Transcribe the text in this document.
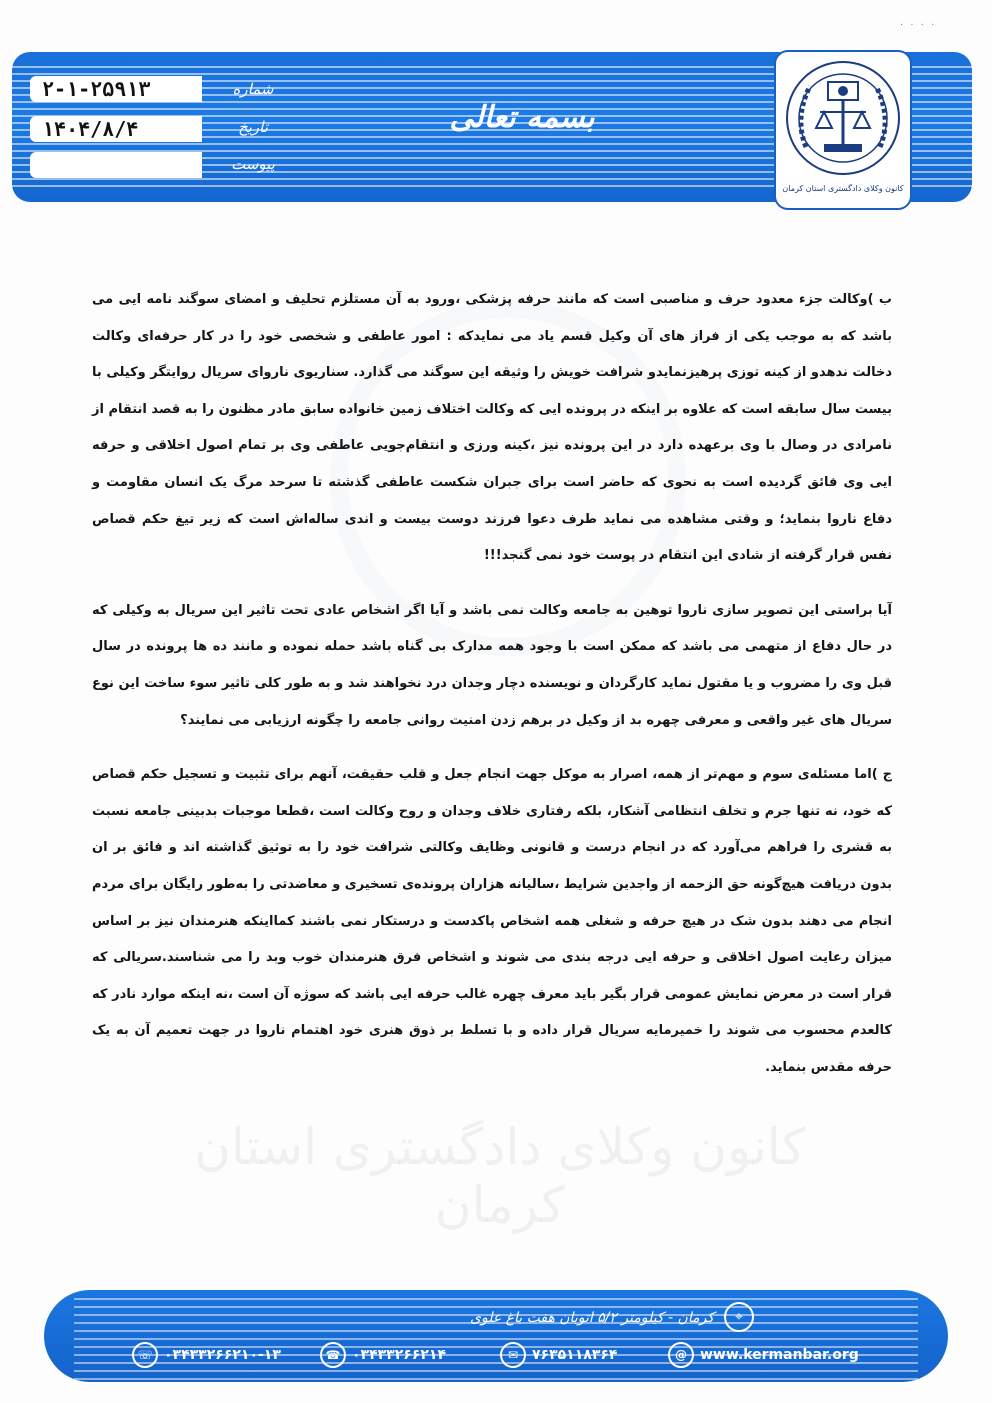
· · · ·
۲-۱-۲۵۹۱۳	شماره
۱۴۰۴/۸/۴	تاریخ
پیوست
بسمه تعالی
کانون وکلای دادگستری استان کرمان
کانون وکلای دادگستری استان کرمان

ب )وکالت جزء معدود حرف و مناصبی است که مانند حرفه پزشکی ،ورود به آن مستلزم تحلیف و امضای سوگند نامه ایی می باشد که به موجب یکی از فراز های آن وکیل قسم یاد می نمایدکه : امور عاطفی و شخصی خود را در کار حرفه‌ای وکالت دخالت ندهدو از کینه توزی پرهیزنمایدو شرافت خویش را وثیقه این سوگند می گذارد. سناریوی ناروای سریال روایتگر وکیلی با بیست سال سابقه است که علاوه بر اینکه در پرونده ایی که وکالت اختلاف زمین خانواده سابق مادر مظنون را به قصد انتقام از نامرادی در وصال با وی برعهده دارد در این پرونده نیز ،کینه ورزی و انتقام‌جویی عاطفی وی بر تمام اصول اخلاقی و حرفه ایی وی فائق گردیده است به نحوی که حاضر است برای جبران شکست عاطفی گذشته تا سرحد مرگ یک انسان مقاومت و دفاع ناروا بنماید؛ و وقتی مشاهده می نماید طرف دعوا فرزند دوست بیست و اندی ساله‌اش است که زیر تیغ حکم قصاص نفس قرار گرفته از شادی این انتقام در پوست خود نمی گنجد!!!

آیا براستی این تصویر سازی ناروا توهین به جامعه وکالت نمی باشد و آیا اگر اشخاص عادی تحت تاثیر این سریال به وکیلی که در حال دفاع از متهمی می باشد که ممکن است با وجود همه مدارک بی گناه باشد حمله نموده و مانند ده ها پرونده در سال قبل وی را مضروب و یا مقتول نماید کارگردان و نویسنده دچار وجدان درد نخواهند شد و به طور کلی تاثیر سوء ساخت این نوع سریال های غیر واقعی و معرفی چهره بد از وکیل در برهم زدن امنیت روانی جامعه را چگونه ارزیابی می نمایند؟

ج )اما مسئله‌ی سوم و مهم‌تر از همه، اصرار به موکل جهت انجام جعل و قلب حقیقت، آنهم برای تثبیت و تسجیل حکم قصاص که خود، نه تنها جرم و تخلف انتظامی آشکار، بلکه رفتاری خلاف وجدان و روح وکالت است ،قطعا موجبات بدبینی جامعه نسبت به قشری را فراهم می‌آورد که در انجام درست و قانونی وظایف وکالتی شرافت خود را به توثیق گذاشته اند و فائق بر ان بدون دریافت هیچ‌گونه حق الزحمه از واجدین شرایط ،سالیانه هزاران پرونده‌ی تسخیری و معاضدتی را به‌طور رایگان برای مردم انجام می دهند بدون شک در هیچ حرفه و شغلی همه اشخاص پاکدست و درستکار نمی باشند کمااینکه هنرمندان نیز بر اساس میزان رعایت اصول اخلاقی و حرفه ایی درجه بندی می شوند و اشخاص فرق هنرمندان خوب وبد را می شناسند.سریالی که قرار است در معرض نمایش عمومی قرار بگیر باید معرف چهره غالب حرفه ایی باشد که سوژه آن است ،نه اینکه موارد نادر که کالعدم محسوب می شوند را خمیرمایه سریال قرار داده و با تسلط بر ذوق هنری خود اهتمام ناروا در جهت تعمیم آن به یک حرفه مقدس بنماید.

⌖
کرمان - کیلومتر ۵/۲ اتوبان هفت باغ علوی
☏ ۰۳۴۳۳۲۶۶۲۱۰-۱۳	☎ ۰۳۴۳۳۲۶۶۲۱۴	✉ ۷۶۳۵۱۱۸۳۶۴	@ www.kermanbar.org
